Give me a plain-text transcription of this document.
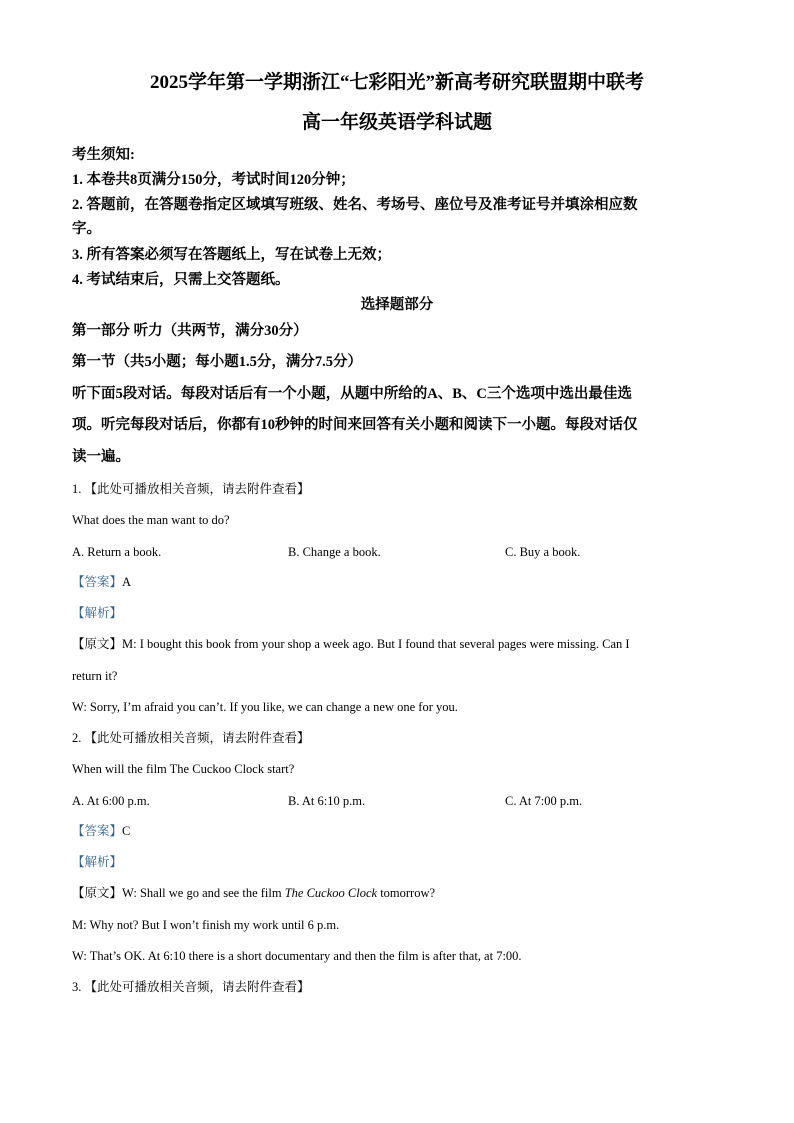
2025学年第一学期浙江“七彩阳光”新高考研究联盟期中联考
高一年级英语学科试题
考生须知:
1. 本卷共8页满分150分，考试时间120分钟；
2. 答题前，在答题卷指定区域填写班级、姓名、考场号、座位号及准考证号并填涂相应数
字。
3. 所有答案必须写在答题纸上，写在试卷上无效；
4. 考试结束后，只需上交答题纸。
选择题部分
第一部分 听力（共两节，满分30分）
第一节（共5小题；每小题1.5分，满分7.5分）
听下面5段对话。每段对话后有一个小题，从题中所给的A、B、C三个选项中选出最佳选
项。听完每段对话后，你都有10秒钟的时间来回答有关小题和阅读下一小题。每段对话仅
读一遍。
1. 【此处可播放相关音频，请去附件查看】
What does the man want to do?
A. Return a book.	B. Change a book.	C. Buy a book.
【答案】A
【解析】
【原文】M: I bought this book from your shop a week ago. But I found that several pages were missing. Can I
return it?
W: Sorry, I’m afraid you can’t. If you like, we can change a new one for you.
2. 【此处可播放相关音频，请去附件查看】
When will the film The Cuckoo Clock start?
A. At 6:00 p.m.	B. At 6:10 p.m.	C. At 7:00 p.m.
【答案】C
【解析】
【原文】W: Shall we go and see the film The Cuckoo Clock tomorrow?
M: Why not? But I won’t finish my work until 6 p.m.
W: That’s OK. At 6:10 there is a short documentary and then the film is after that, at 7:00.
3. 【此处可播放相关音频，请去附件查看】
